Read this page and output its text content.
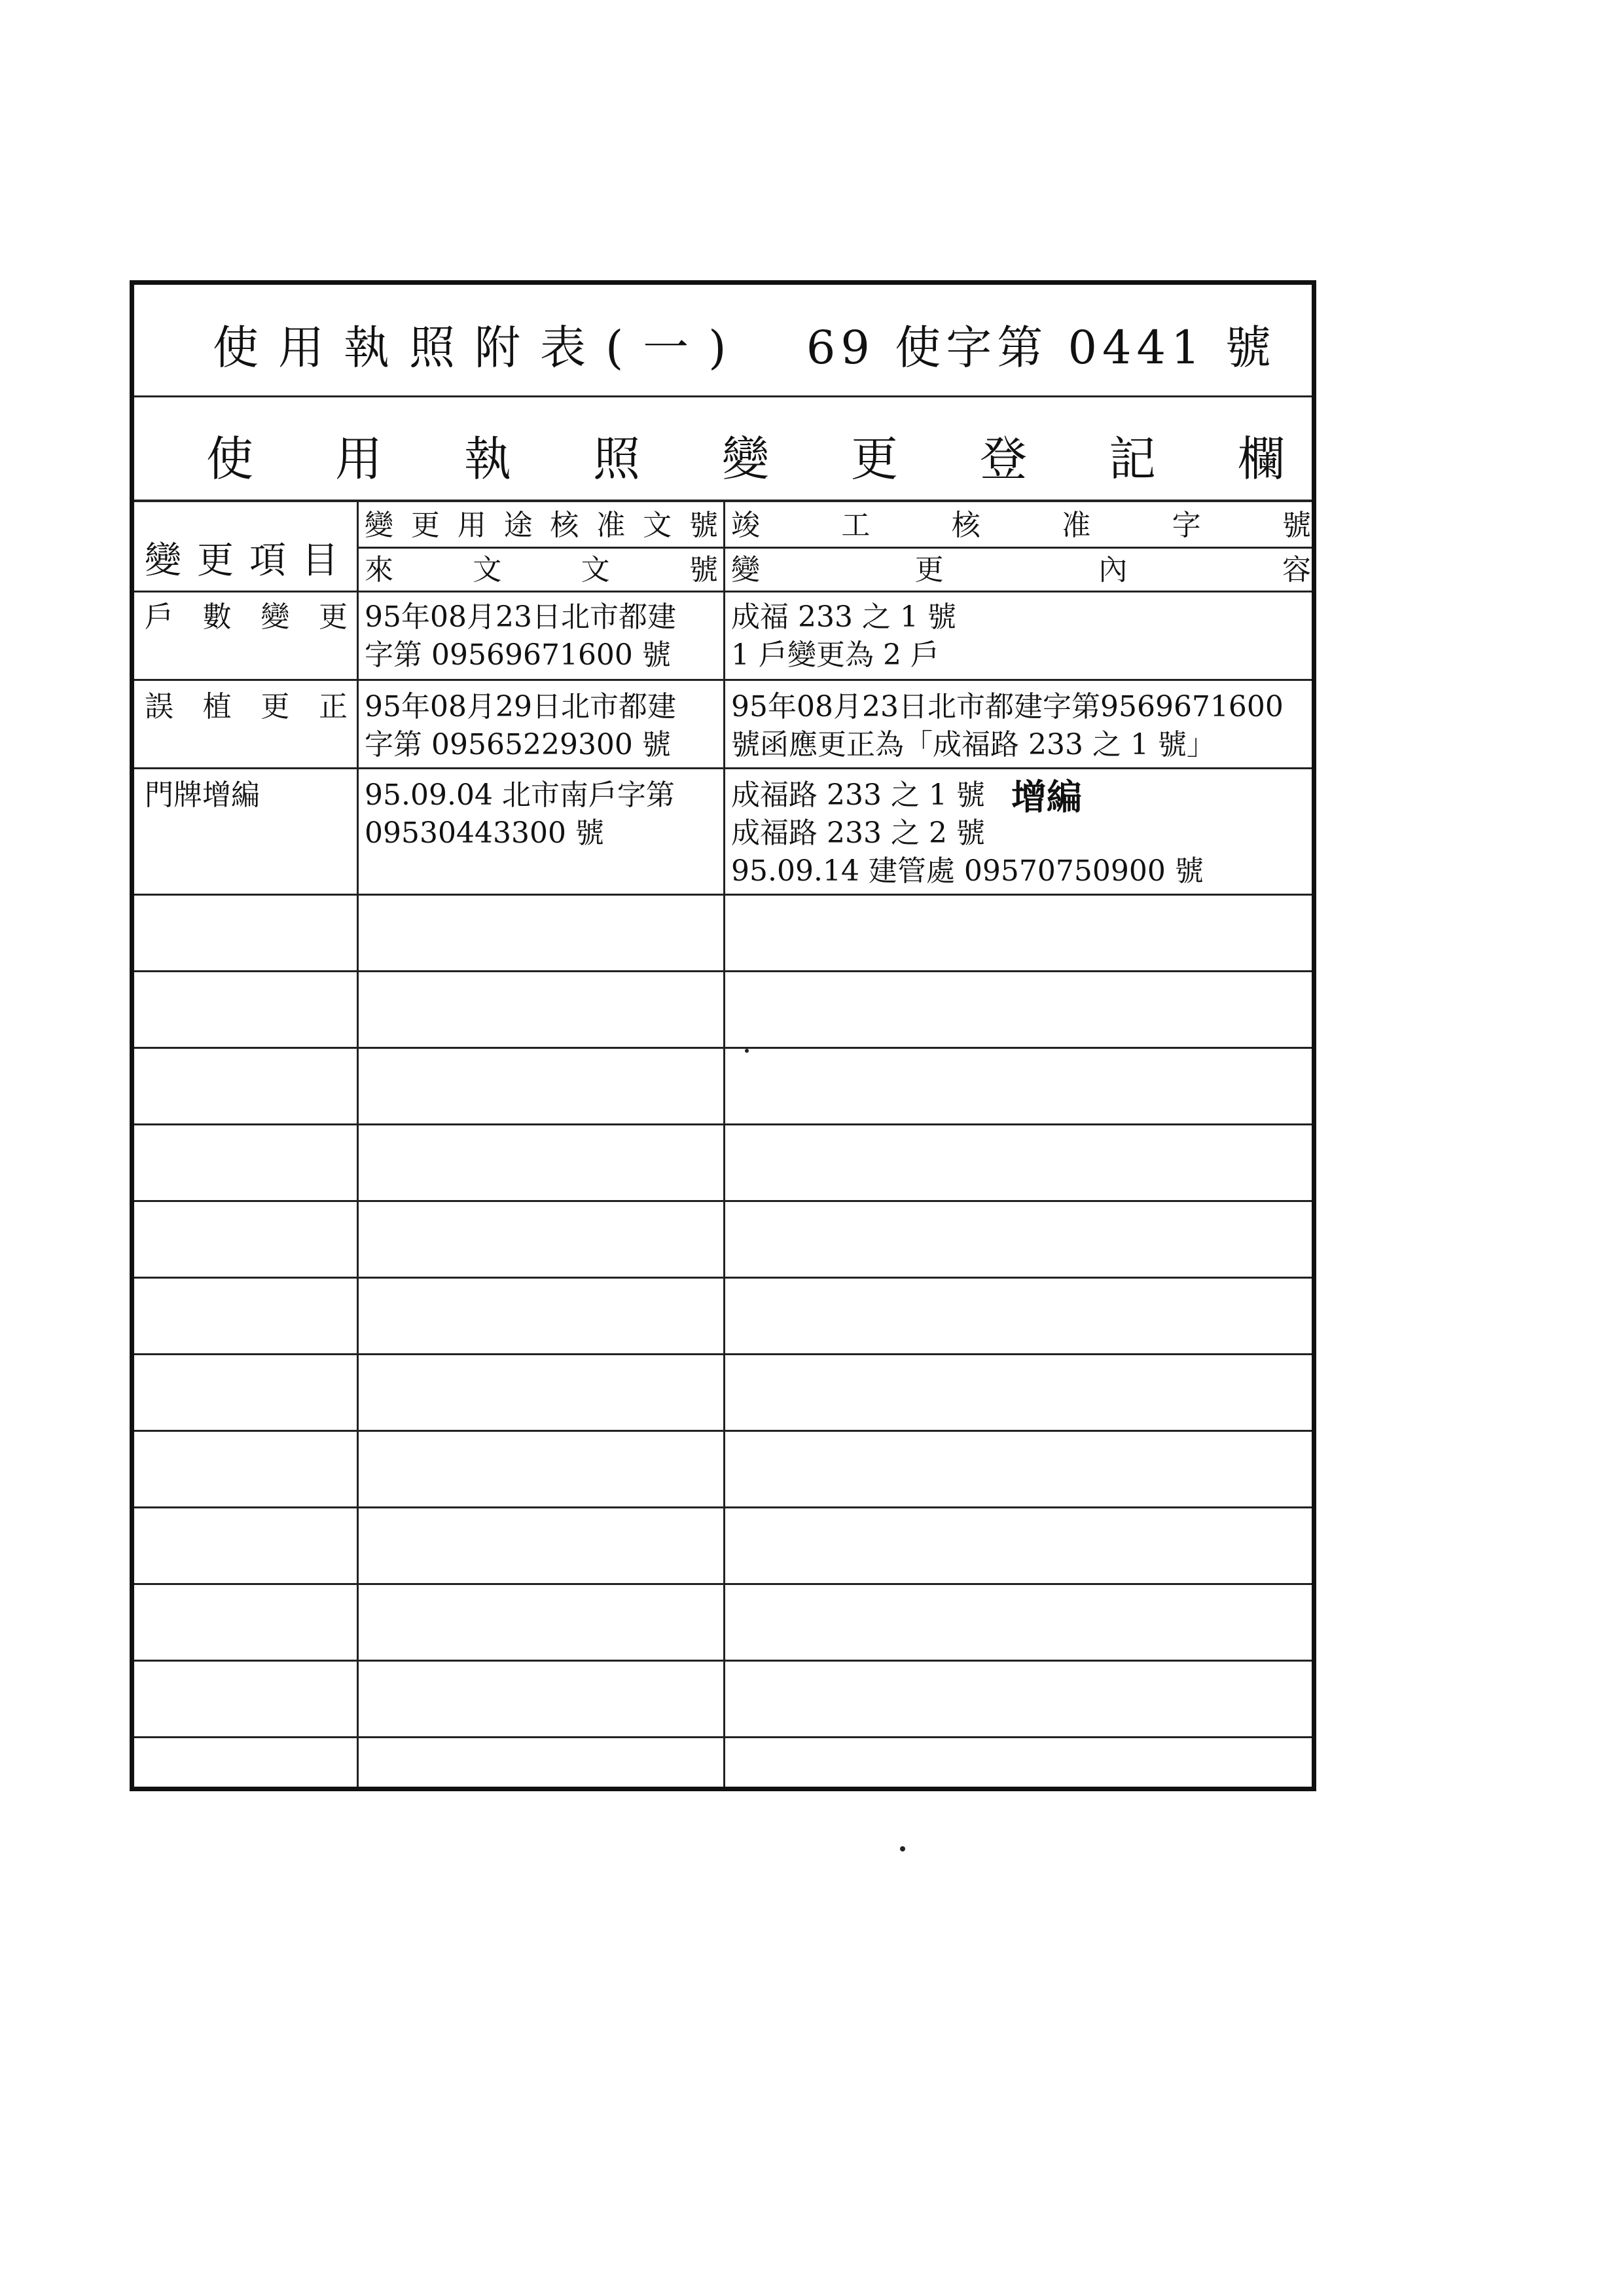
使用執照附表(一) 69 使字第 0441 號
使用執照變更登記欄
變更項目
變更用途核准文號
來文文號
竣工核准字號
變更內容
戶數變更 95年08月23日北市都建
字第 09569671600 號
成福 233 之 1 號
1 戶變更為 2 戶
誤植更正 95年08月29日北市都建
字第 09565229300 號
95年08月23日北市都建字第9569671600
號函應更正為「成福路 233 之 1 號」
門牌增編	95.09.04 北市南戶字第
09530443300 號
成福路 233 之 1 號
成福路 233 之 2 號
95.09.14 建管處 09570750900 號
增編
